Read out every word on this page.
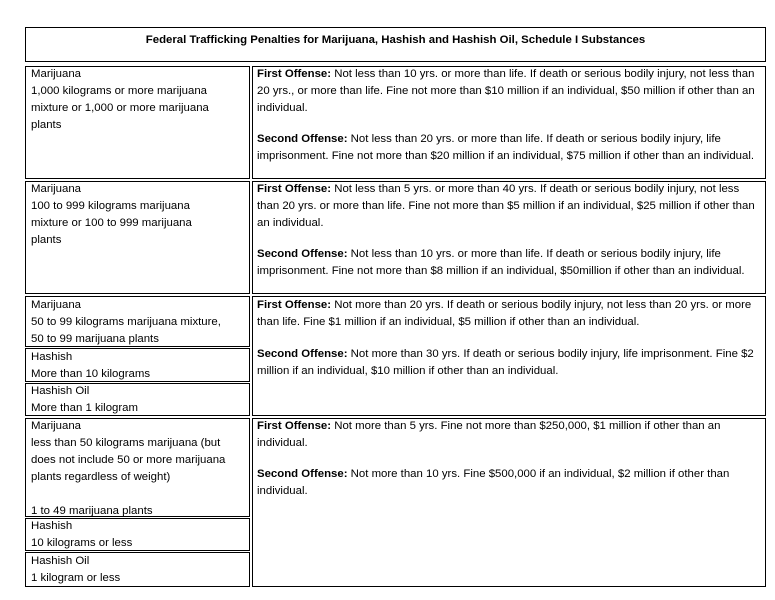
Federal Trafficking Penalties for Marijuana, Hashish and Hashish Oil, Schedule I Substances
Marijuana
1,000 kilograms or more marijuana
mixture or 1,000 or more marijuana
plants
First Offense: Not less than 10 yrs. or more than life. If death or serious bodily injury, not less than 20 yrs., or more than life. Fine not more than $10 million if an individual, $50 million if other than an individual.
Second Offense: Not less than 20 yrs. or more than life. If death or serious bodily injury, life imprisonment. Fine not more than $20 million if an individual, $75 million if other than an individual.
Marijuana
100 to 999 kilograms marijuana
mixture or 100 to 999 marijuana
plants
First Offense: Not less than 5 yrs. or more than 40 yrs. If death or serious bodily injury, not less than 20 yrs. or more than life. Fine not more than $5 million if an individual, $25 million if other than an individual.
Second Offense: Not less than 10 yrs. or more than life. If death or serious bodily injury, life imprisonment. Fine not more than $8 million if an individual, $50million if other than an individual.
Marijuana
50 to 99 kilograms marijuana mixture,
50 to 99 marijuana plants
Hashish
More than 10 kilograms
Hashish Oil
More than 1 kilogram
First Offense: Not more than 20 yrs. If death or serious bodily injury, not less than 20 yrs. or more than life. Fine $1 million if an individual, $5 million if other than an individual.
Second Offense: Not more than 30 yrs. If death or serious bodily injury, life imprisonment. Fine $2 million if an individual, $10 million if other than an individual.
Marijuana
less than 50 kilograms marijuana (but
does not include 50 or more marijuana
plants regardless of weight)
1 to 49 marijuana plants
Hashish
10 kilograms or less
Hashish Oil
1 kilogram or less
First Offense: Not more than 5 yrs. Fine not more than $250,000, $1 million if other than an individual.
Second Offense: Not more than 10 yrs. Fine $500,000 if an individual, $2 million if other than individual.
